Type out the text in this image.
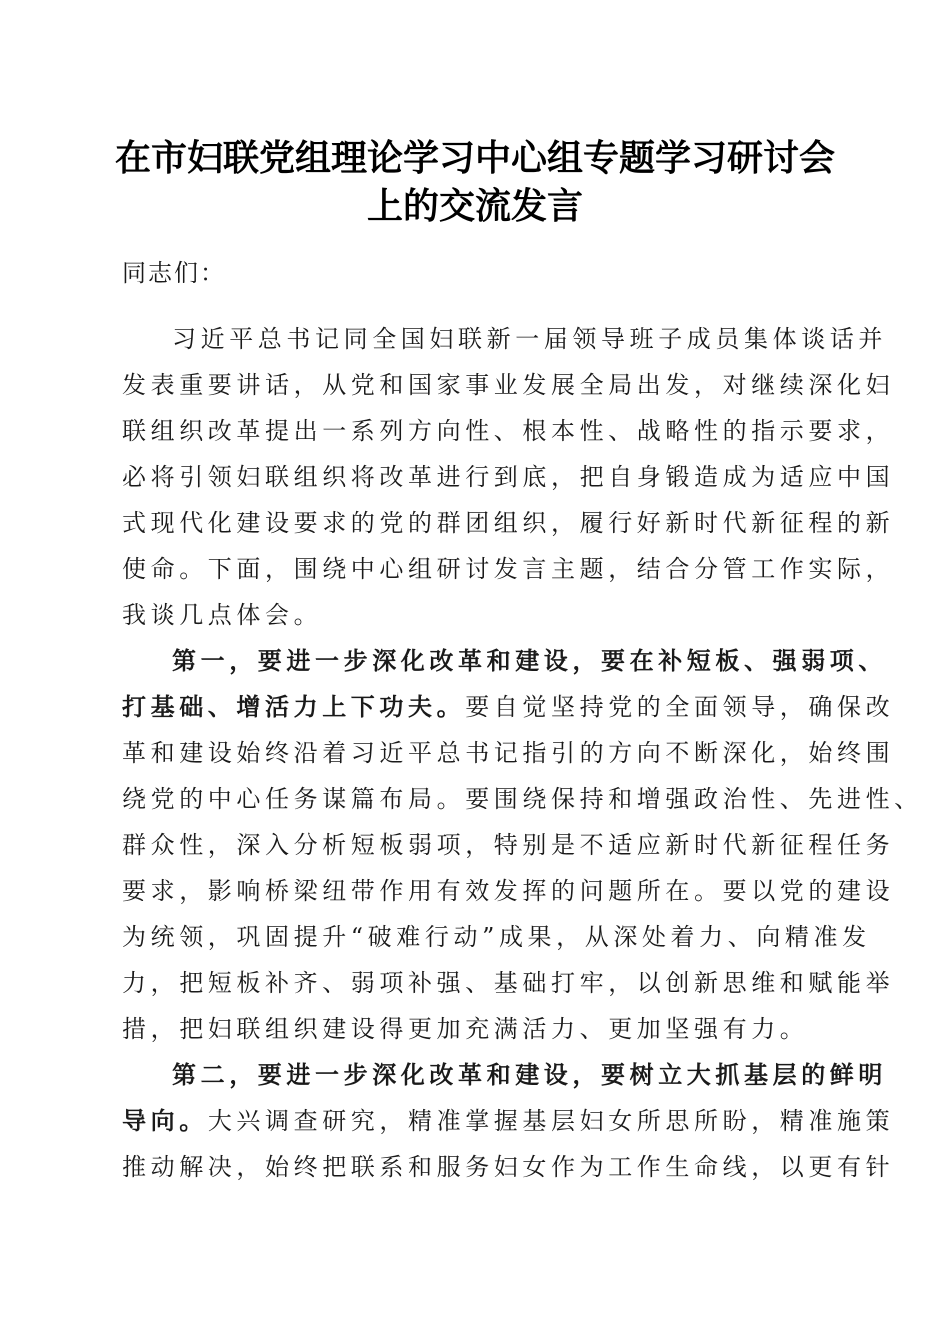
在市妇联党组理论学习中心组专题学习研讨会
上的交流发言
同志们：
习近平总书记同全国妇联新一届领导班子成员集体谈话并
发表重要讲话，从党和国家事业发展全局出发，对继续深化妇
联组织改革提出一系列方向性、根本性、战略性的指示要求，
必将引领妇联组织将改革进行到底，把自身锻造成为适应中国
式现代化建设要求的党的群团组织，履行好新时代新征程的新
使命。下面，围绕中心组研讨发言主题，结合分管工作实际，
我谈几点体会。
第一，要进一步深化改革和建设，要在补短板、强弱项、
打基础、增活力上下功夫。要自觉坚持党的全面领导，确保改
革和建设始终沿着习近平总书记指引的方向不断深化，始终围
绕党的中心任务谋篇布局。要围绕保持和增强政治性、先进性、
群众性，深入分析短板弱项，特别是不适应新时代新征程任务
要求，影响桥梁纽带作用有效发挥的问题所在。要以党的建设
为统领，巩固提升“破难行动”成果，从深处着力、向精准发
力，把短板补齐、弱项补强、基础打牢，以创新思维和赋能举
措，把妇联组织建设得更加充满活力、更加坚强有力。
第二，要进一步深化改革和建设，要树立大抓基层的鲜明
导向。大兴调查研究，精准掌握基层妇女所思所盼，精准施策
推动解决，始终把联系和服务妇女作为工作生命线，以更有针
